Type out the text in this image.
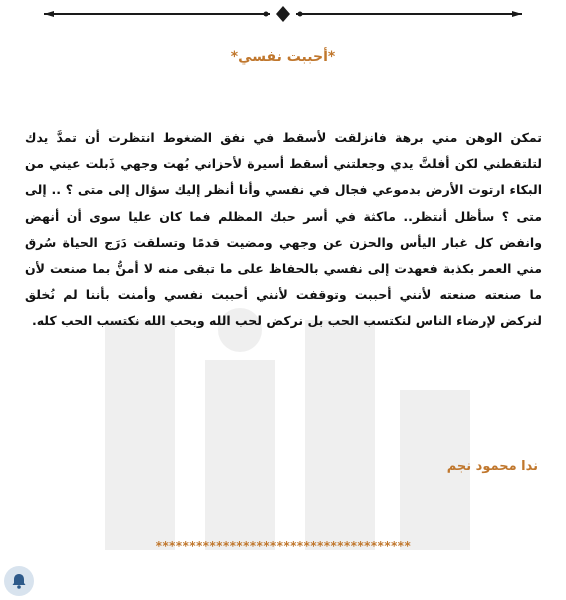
*أحببت نفسي*

تمكن الوهن مني برهة فانزلقت لأسقط في نفق الضغوط انتظرت أن تمدَّ يدك لتلتقطني لكن أفلتَّ يدي وجعلتني أسقط أسيرة لأحزاني بُهت وجهي ذَبلت عيني من البكاء ارتوت الأرض بدموعي فجال في نفسي وأنا أنظر إليك سؤال إلى متى ؟ .. إلى متى ؟ سأظل أنتظر.. ماكثة في أسر حبك المظلم فما كان عليا سوى أن أنهض وانفض كل غبار اليأس والحزن عن وجهي ومضيت قدمًا وتسلقت دَرَج الحياة سُرق مني العمر بكذبة فعهدت إلى نفسي بالحفاظ على ما تبقى منه لا أمنُّ بما صنعت لأن ما صنعته صنعته لأنني أحببت وتوقفت لأنني أحببت نفسي وأمنت بأننا لم نُخلق لنركض لإرضاء الناس لنكتسب الحب بل نركض لحب الله وبحب الله نكتسب الحب كله.

ندا محمود نجم
**************************************
